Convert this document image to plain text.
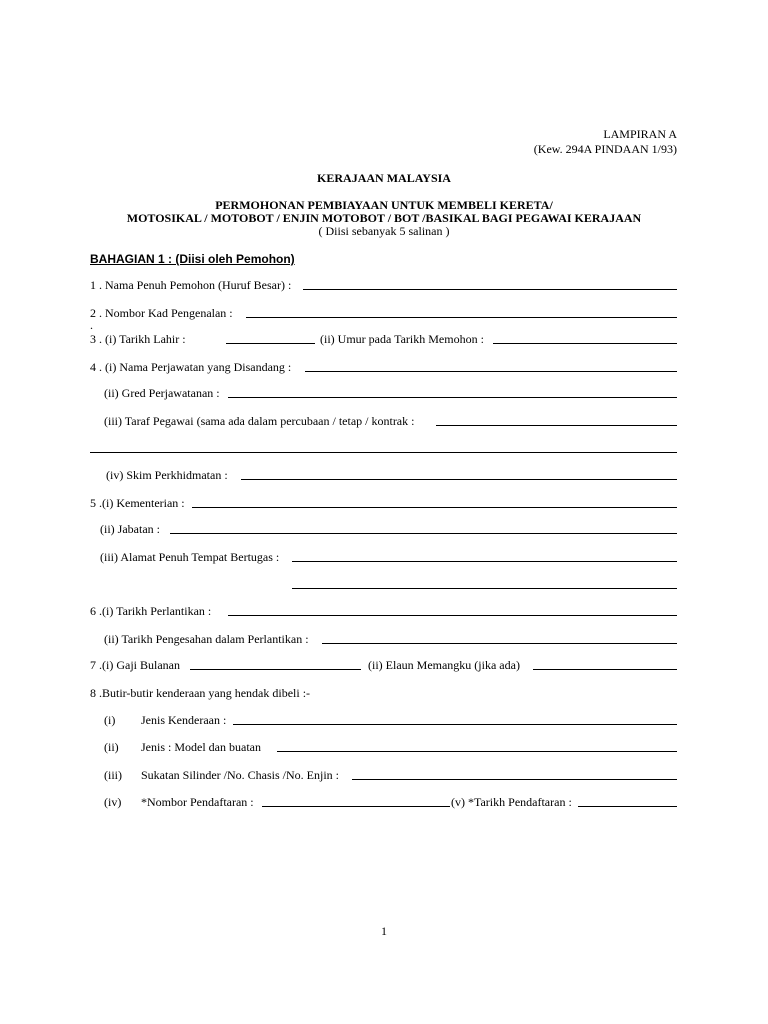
LAMPIRAN A
(Kew. 294A PINDAAN 1/93)
KERAJAAN MALAYSIA
PERMOHONAN PEMBIAYAAN UNTUK MEMBELI KERETA/
MOTOSIKAL / MOTOBOT / ENJIN MOTOBOT / BOT /BASIKAL BAGI PEGAWAI KERAJAAN
( Diisi sebanyak 5 salinan )
BAHAGIAN 1 : (Diisi oleh Pemohon)
1 . Nama Penuh Pemohon (Huruf Besar) :
2 . Nombor Kad Pengenalan :
.
3 . (i) Tarikh Lahir :	(ii) Umur pada Tarikh Memohon :
4 . (i) Nama Perjawatan yang Disandang :
(ii) Gred Perjawatanan :
(iii) Taraf Pegawai (sama ada dalam percubaan / tetap / kontrak :
(iv) Skim Perkhidmatan :
5 .(i) Kementerian :
(ii) Jabatan :
(iii) Alamat Penuh Tempat Bertugas :
6 .(i) Tarikh Perlantikan :
(ii) Tarikh Pengesahan dalam Perlantikan :
7 .(i) Gaji Bulanan	(ii) Elaun Memangku (jika ada)
8 .Butir-butir kenderaan yang hendak dibeli :-
(i) Jenis Kenderaan :
(ii) Jenis : Model dan buatan
(iii) Sukatan Silinder /No. Chasis /No. Enjin :
(iv) *Nombor Pendaftaran :	(v) *Tarikh Pendaftaran :
1
